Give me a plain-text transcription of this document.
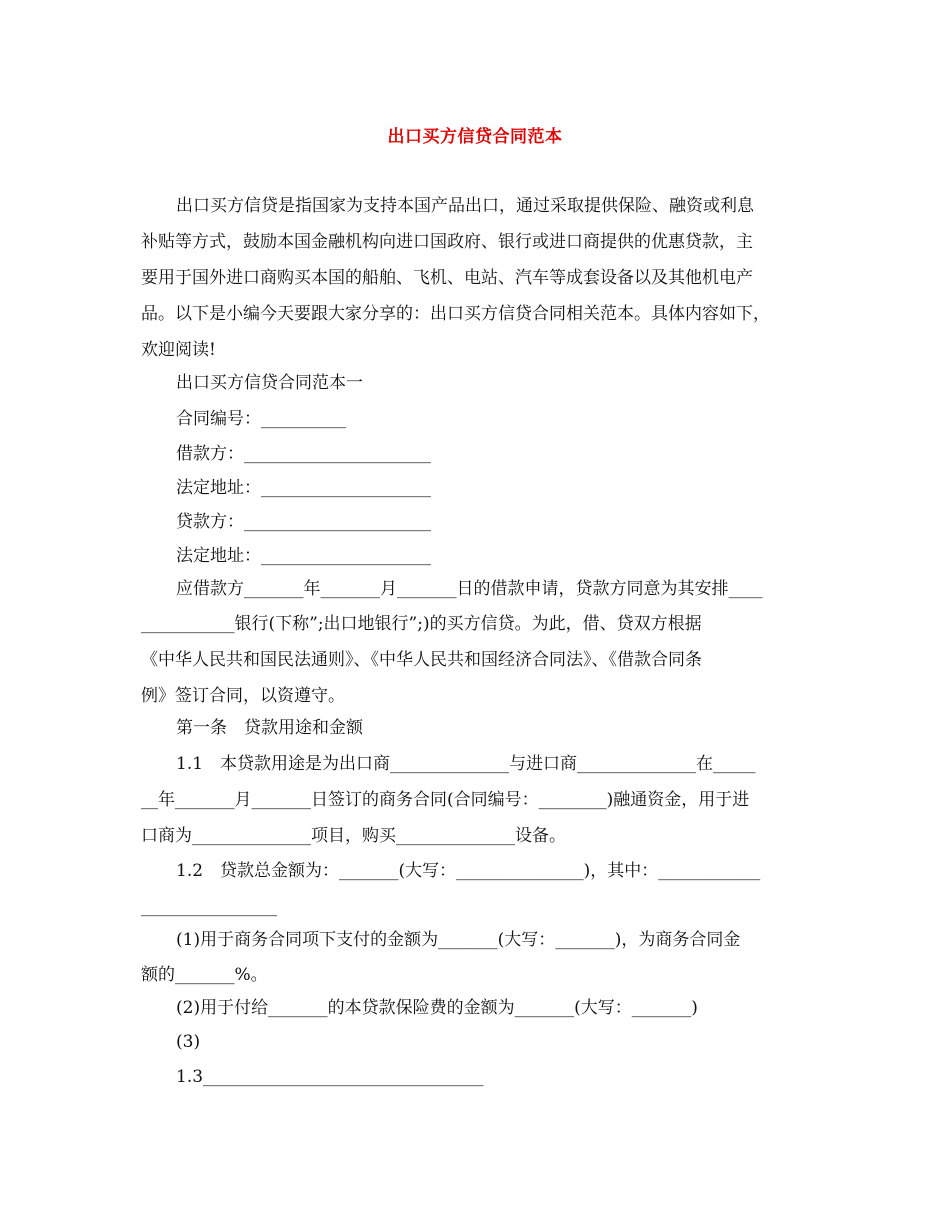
出口买方信贷合同范本
出口买方信贷是指国家为支持本国产品出口，通过采取提供保险、融资或利息
补贴等方式，鼓励本国金融机构向进口国政府、银行或进口商提供的优惠贷款，主
要用于国外进口商购买本国的船舶、飞机、电站、汽车等成套设备以及其他机电产
品。以下是小编今天要跟大家分享的：出口买方信贷合同相关范本。具体内容如下，
欢迎阅读!
出口买方信贷合同范本一
合同编号：__________
借款方：______________________
法定地址：____________________
贷款方：______________________
法定地址：____________________
应借款方_______年_______月_______日的借款申请，贷款方同意为其安排____
___________银行(下称”;出口地银行”;)的买方信贷。为此，借、贷双方根据
《中华人民共和国民法通则》、《中华人民共和国经济合同法》、《借款合同条
例》签订合同，以资遵守。
第一条　贷款用途和金额
1.1　本贷款用途是为出口商______________与进口商______________在_____
__年_______月_______日签订的商务合同(合同编号：________)融通资金，用于进
口商为______________项目，购买______________设备。
1.2　贷款总金额为：_______(大写：_______________)，其中：____________
________________
(1)用于商务合同项下支付的金额为_______(大写：_______)，为商务合同金
额的_______%。
(2)用于付给_______的本贷款保险费的金额为_______(大写：_______)
(3)
1.3_________________________________
